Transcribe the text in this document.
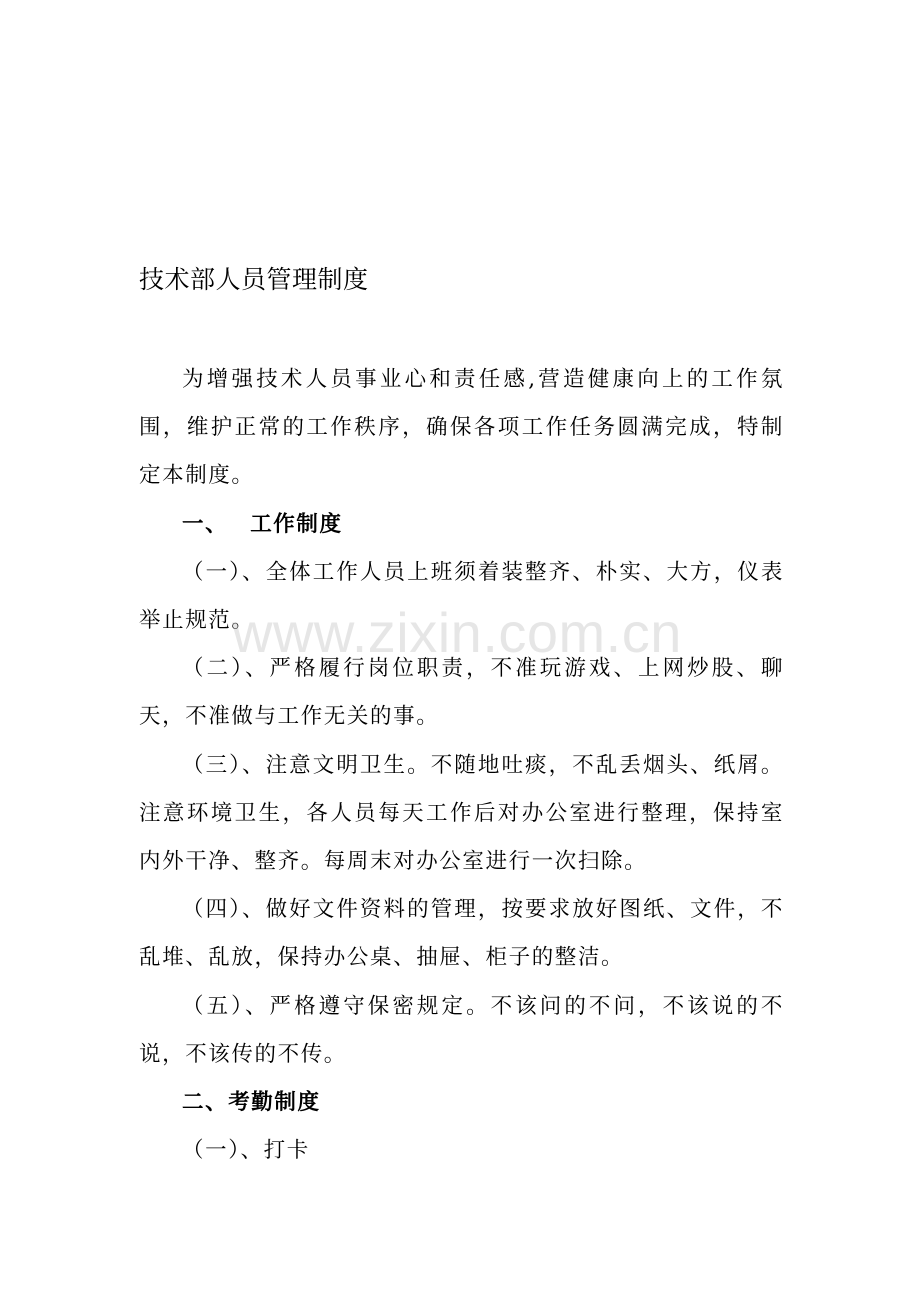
技术部人员管理制度

为增强技术人员事业心和责任感,营造健康向上的工作氛围，维护正常的工作秩序，确保各项工作任务圆满完成，特制定本制度。

一、 工作制度

（一）、全体工作人员上班须着装整齐、朴实、大方，仪表举止规范。

（二）、严格履行岗位职责，不准玩游戏、上网炒股、聊天，不准做与工作无关的事。

（三）、注意文明卫生。不随地吐痰，不乱丢烟头、纸屑。注意环境卫生，各人员每天工作后对办公室进行整理，保持室内外干净、整齐。每周末对办公室进行一次扫除。

（四）、做好文件资料的管理，按要求放好图纸、文件，不乱堆、乱放，保持办公桌、抽屉、柜子的整洁。

（五）、严格遵守保密规定。不该问的不问，不该说的不说，不该传的不传。

二、考勤制度

（一）、打卡

www.zixin.com.cn
